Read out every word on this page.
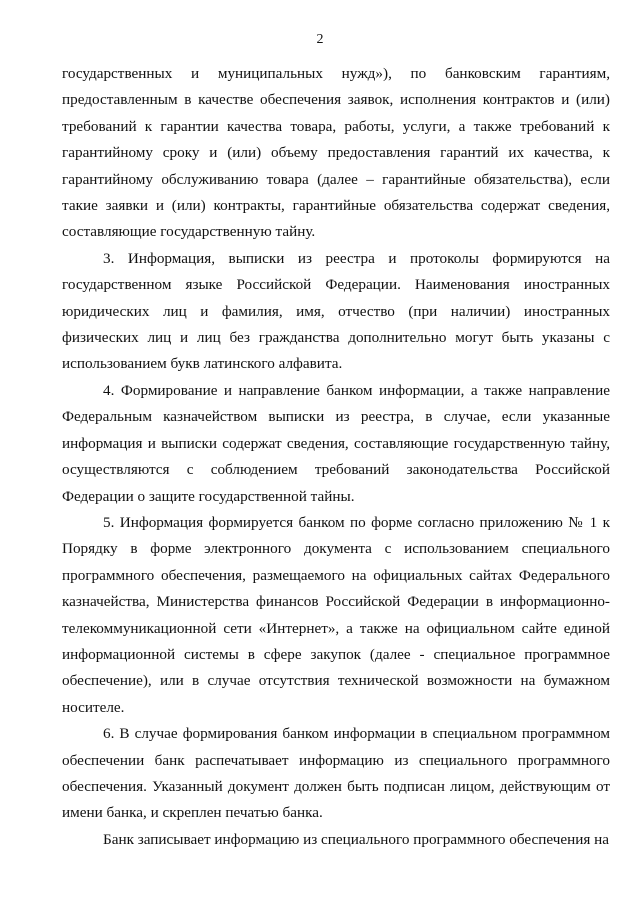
2

государственных и муниципальных нужд»), по банковским гарантиям, предоставленным в качестве обеспечения заявок, исполнения контрактов и (или) требований к гарантии качества товара, работы, услуги, а также требований к гарантийному сроку и (или) объему предоставления гарантий их качества, к гарантийному обслуживанию товара (далее – гарантийные обязательства), если такие заявки и (или) контракты, гарантийные обязательства содержат сведения, составляющие государственную тайну.

3. Информация, выписки из реестра и протоколы формируются на государственном языке Российской Федерации. Наименования иностранных юридических лиц и фамилия, имя, отчество (при наличии) иностранных физических лиц и лиц без гражданства дополнительно могут быть указаны с использованием букв латинского алфавита.

4. Формирование и направление банком информации, а также направление Федеральным казначейством выписки из реестра, в случае, если указанные информация и выписки содержат сведения, составляющие государственную тайну, осуществляются с соблюдением требований законодательства Российской Федерации о защите государственной тайны.

5. Информация формируется банком по форме согласно приложению № 1 к Порядку в форме электронного документа с использованием специального программного обеспечения, размещаемого на официальных сайтах Федерального казначейства, Министерства финансов Российской Федерации в информационно-телекоммуникационной сети «Интернет», а также на официальном сайте единой информационной системы в сфере закупок (далее - специальное программное обеспечение), или в случае отсутствия технической возможности на бумажном носителе.

6. В случае формирования банком информации в специальном программном обеспечении банк распечатывает информацию из специального программного обеспечения. Указанный документ должен быть подписан лицом, действующим от имени банка, и скреплен печатью банка.

Банк записывает информацию из специального программного обеспечения на
